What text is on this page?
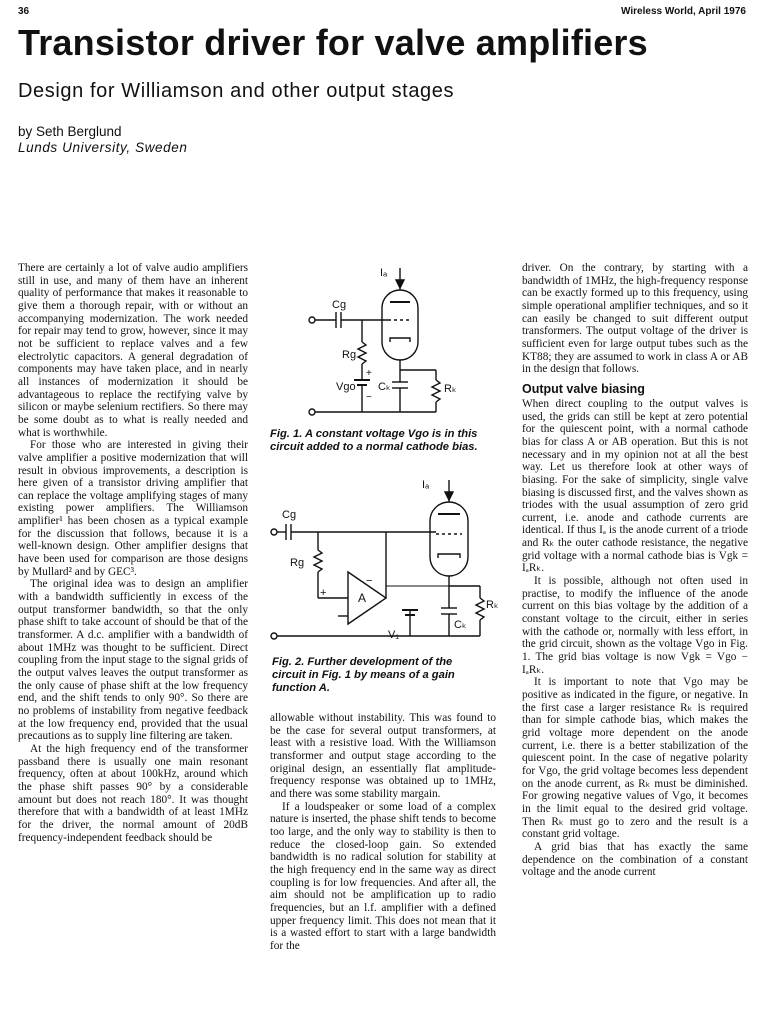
36	Wireless World, April 1976
Transistor driver for valve amplifiers
Design for Williamson and other output stages
by Seth Berglund
Lunds University, Sweden

There are certainly a lot of valve audio amplifiers still in use, and many of them have an inherent quality of performance that makes it reasonable to give them a thorough repair, with or without an accompanying modernization. The work needed for repair may tend to grow, however, since it may not be sufficient to replace valves and a few electrolytic capacitors. A general degradation of components may have taken place, and in nearly all instances of modernization it should be advantageous to replace the rectifying valve by silicon or maybe selenium rectifiers. So there may be some doubt as to what is really needed and what is worthwhile.

For those who are interested in giving their valve amplifier a positive modernization that will result in obvious improvements, a description is here given of a transistor driving amplifier that can replace the voltage amplifying stages of many existing power amplifiers. The Williamson amplifier¹ has been chosen as a typical example for the discussion that follows, because it is a well-known design. Other amplifier designs that have been used for comparison are those designs by Mullard² and by GEC³.

The original idea was to design an amplifier with a bandwidth sufficiently in excess of the output transformer bandwidth, so that the only phase shift to take account of should be that of the transformer. A d.c. amplifier with a bandwidth of about 1MHz was thought to be sufficient. Direct coupling from the input stage to the signal grids of the output valves leaves the output transformer as the only cause of phase shift at the low frequency end, and the shift tends to only 90°. So there are no problems of instability from negative feedback at the low frequency end, provided that the usual precautions as to supply line filtering are taken.

At the high frequency end of the transformer passband there is usually one main resonant frequency, often at about 100kHz, around which the phase shift passes 90° by a considerable amount but does not reach 180°. It was thought therefore that with a bandwidth of at least 1MHz for the driver, the normal amount of 20dB frequency-independent feedback should be

Iₐ
Cg
Rg
+
Vgo
−
Cₖ	Rₖ
Fig. 1. A constant voltage Vgo is in this circuit added to a normal cathode bias.
Iₐ
Cg
Rg
+	A
−
V₁
Cₖ
Rₖ
Fig. 2. Further development of the circuit in Fig. 1 by means of a gain function A.

allowable without instability. This was found to be the case for several output transformers, at least with a resistive load. With the Williamson transformer and output stage according to the original design, an essentially flat amplitude-frequency response was obtained up to 1MHz, and there was some stability margain.

If a loudspeaker or some load of a complex nature is inserted, the phase shift tends to become too large, and the only way to stability is then to reduce the closed-loop gain. So extended bandwidth is no radical solution for stability at the high frequency end in the same way as direct coupling is for low frequencies. And after all, the aim should not be amplification up to radio frequencies, but an l.f. amplifier with a defined upper frequency limit. This does not mean that it is a wasted effort to start with a large bandwidth for the

driver. On the contrary, by starting with a bandwidth of 1MHz, the high-frequency response can be exactly formed up to this frequency, using simple operational amplifier techniques, and so it can easily be changed to suit different output transformers. The output voltage of the driver is sufficient even for large output tubes such as the KT88; they are assumed to work in class A or AB in the design that follows.

Output valve biasing

When direct coupling to the output valves is used, the grids can still be kept at zero potential for the quiescent point, with a normal cathode bias for class A or AB operation. But this is not necessary and in my opinion not at all the best way. Let us therefore look at other ways of biasing. For the sake of simplicity, single valve biasing is discussed first, and the valves shown as triodes with the usual assumption of zero grid current, i.e. anode and cathode currents are identical. If thus Iₐ is the anode current of a triode and Rₖ the outer cathode resistance, the negative grid voltage with a normal cathode bias is Vgk = IₐRₖ.

It is possible, although not often used in practise, to modify the influence of the anode current on this bias voltage by the addition of a constant voltage to the circuit, either in series with the cathode or, normally with less effort, in the grid circuit, shown as the voltage Vgo in Fig. 1. The grid bias voltage is now Vgk = Vgo − IₐRₖ.

It is important to note that Vgo may be positive as indicated in the figure, or negative. In the first case a larger resistance Rₖ is required than for simple cathode bias, which makes the grid voltage more dependent on the anode current, i.e. there is a better stabilization of the quiescent point. In the case of negative polarity for Vgo, the grid voltage becomes less dependent on the anode current, as Rₖ must be diminished. For growing negative values of Vgo, it becomes in the limit equal to the desired grid voltage. Then Rₖ must go to zero and the result is a constant grid voltage.

A grid bias that has exactly the same dependence on the combination of a constant voltage and the anode current
